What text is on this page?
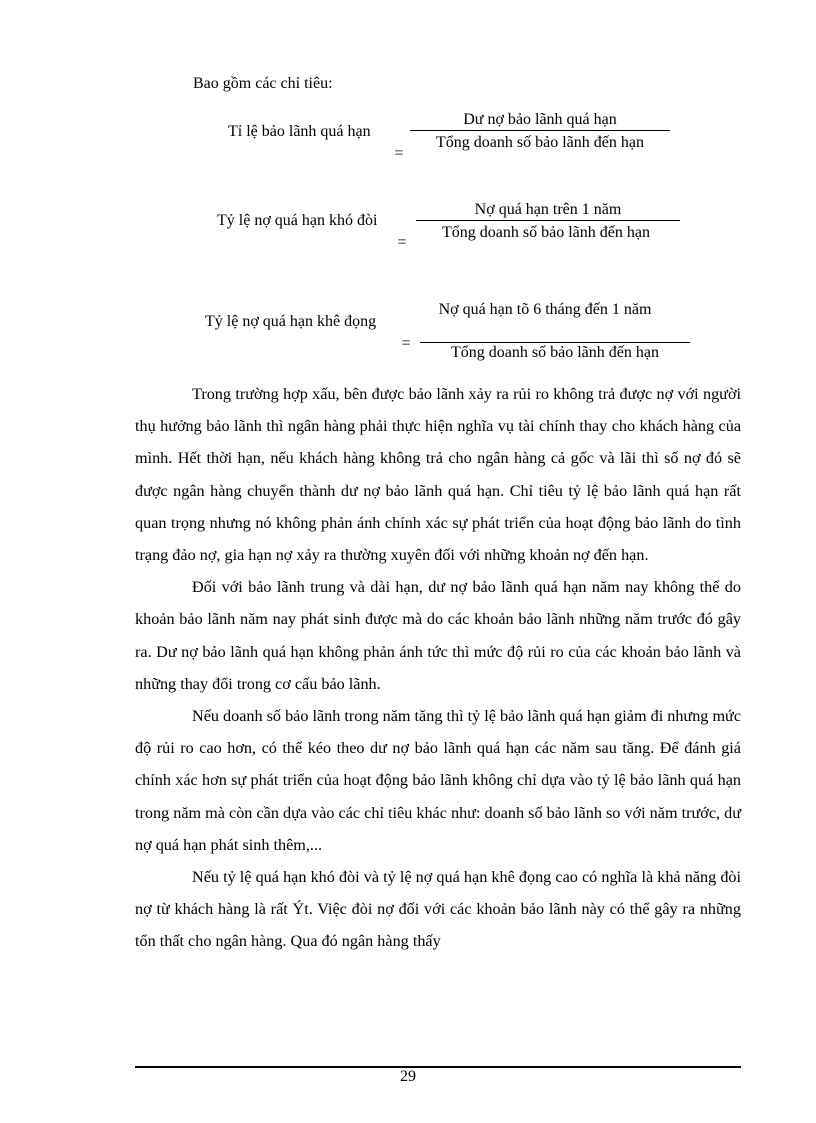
Bao gồm các chỉ tiêu:
Tỉ lệ bảo lãnh quá hạn
=
Dư nợ bảo lãnh quá hạn
Tổng doanh số bảo lãnh đến hạn
Tỷ lệ nợ quá hạn khó đòi
=
Nợ quá hạn trên 1 năm
Tổng doanh số bảo lãnh đến hạn
Tỷ lệ nợ quá hạn khê đọng
=
Nợ quá hạn tõ 6 tháng đến 1 năm
Tổng doanh số bảo lãnh đến hạn

Trong trường hợp xấu, bên được bảo lãnh xảy ra rủi ro không trả được nợ với người thụ hưởng bảo lãnh thì ngân hàng phải thực hiện nghĩa vụ tài chính thay cho khách hàng của mình. Hết thời hạn, nếu khách hàng không trả cho ngân hàng cả gốc và lãi thì số nợ đó sẽ được ngân hàng chuyển thành dư nợ bảo lãnh quá hạn. Chỉ tiêu tỷ lệ bảo lãnh quá hạn rất quan trọng nhưng nó không phản ánh chính xác sự phát triển của hoạt động bảo lãnh do tình trạng đảo nợ, gia hạn nợ xảy ra thường xuyên đối với những khoản nợ đến hạn.

Đối với bảo lãnh trung và dài hạn, dư nợ bảo lãnh quá hạn năm nay không thể do khoản bảo lãnh năm nay phát sinh được mà do các khoản bảo lãnh những năm trước đó gây ra. Dư nợ bảo lãnh quá hạn không phản ánh tức thì mức độ rủi ro của các khoản bảo lãnh và những thay đổi trong cơ cấu bảo lãnh.

Nếu doanh số bảo lãnh trong năm tăng thì tỷ lệ bảo lãnh quá hạn giảm đi nhưng mức độ rủi ro cao hơn, có thể kéo theo dư nợ bảo lãnh quá hạn các năm sau tăng. Để đánh giá chính xác hơn sự phát triển của hoạt động bảo lãnh không chỉ dựa vào tỷ lệ bảo lãnh quá hạn trong năm mà còn cần dựa vào các chỉ tiêu khác như: doanh số bảo lãnh so với năm trước, dư nợ quá hạn phát sinh thêm,...

Nếu tỷ lệ quá hạn khó đòi và tỷ lệ nợ quá hạn khê đọng cao có nghĩa là khả năng đòi nợ từ khách hàng là rất Ýt. Việc đòi nợ đối với các khoản bảo lãnh này có thể gây ra những tổn thất cho ngân hàng. Qua đó ngân hàng thấy

29
